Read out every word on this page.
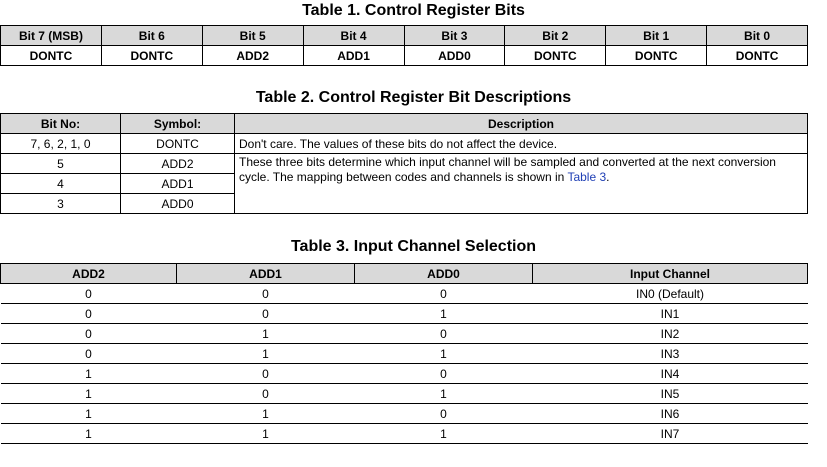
Table 1. Control Register Bits

Bit 7 (MSB)	Bit 6	Bit 5	Bit 4	Bit 3	Bit 2	Bit 1	Bit 0
DONTC	DONTC	ADD2	ADD1	ADD0	DONTC	DONTC	DONTC

Table 2. Control Register Bit Descriptions

Bit No:	Symbol:	Description
7, 6, 2, 1, 0	DONTC	Don't care. The values of these bits do not affect the device.
5	ADD2	These three bits determine which input channel will be sampled and converted at the next conversion cycle. The mapping between codes and channels is shown in Table 3.
4	ADD1	
3	ADD0	

Table 3. Input Channel Selection

ADD2	ADD1	ADD0	Input Channel
0	0	0	IN0 (Default)
0	0	1	IN1
0	1	0	IN2
0	1	1	IN3
1	0	0	IN4
1	0	1	IN5
1	1	0	IN6
1	1	1	IN7
